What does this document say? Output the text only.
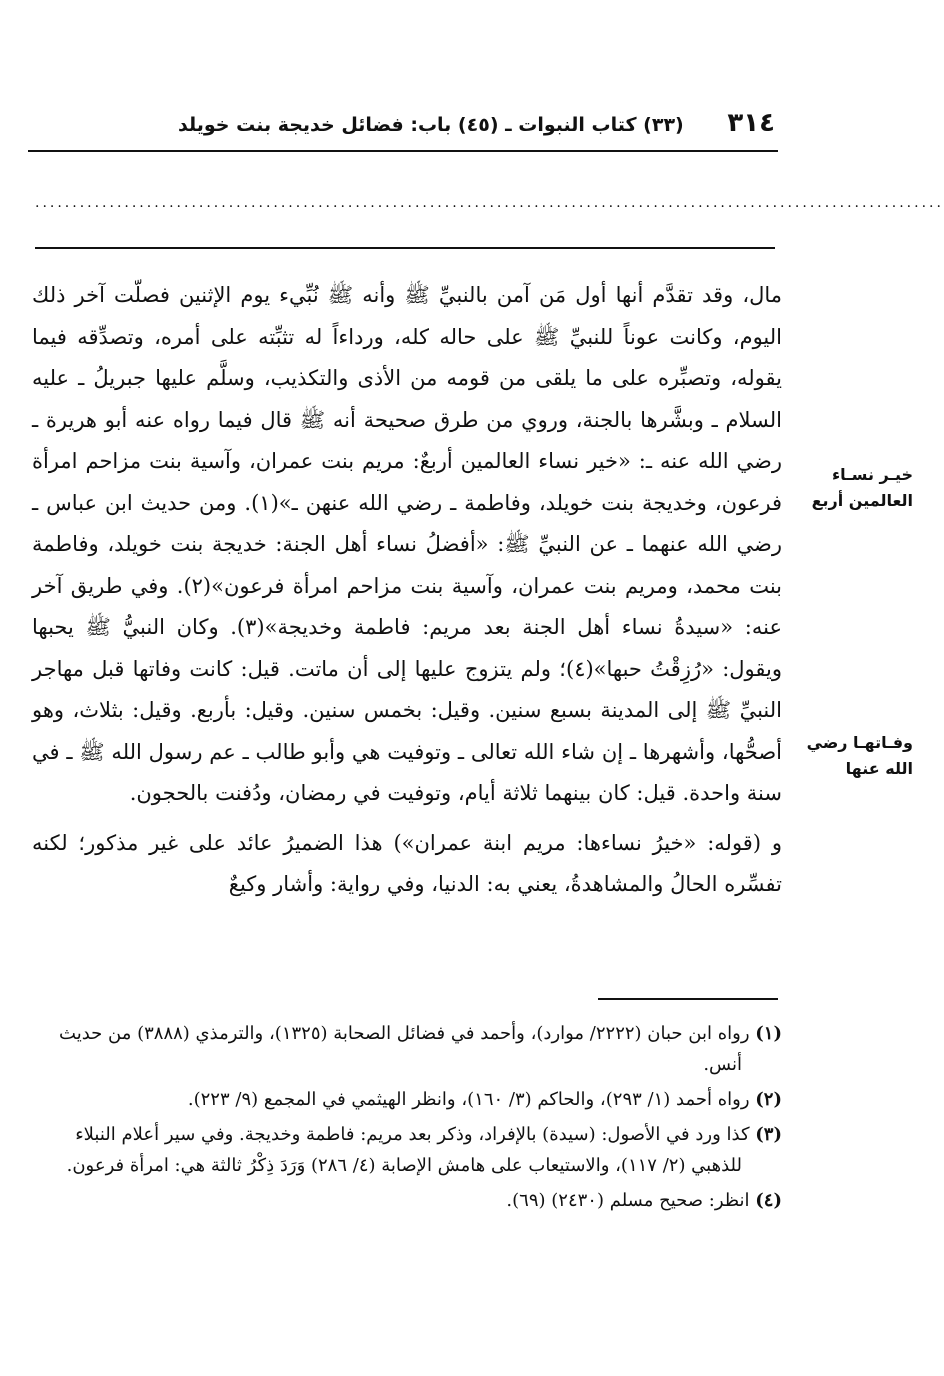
٣١٤
(٣٣) كتاب النبوات ـ (٤٥) باب: فضائل خديجة بنت خويلد
..........................................................................................................................
خيـر نسـاء العالمين أربع
وفـاتهـا رضي الله عنها

مال، وقد تقدَّم أنها أول مَن آمن بالنبيِّ ﷺ وأنه ﷺ نُبِّيء يوم الإثنين فصلّت آخر ذلك اليوم، وكانت عوناً للنبيِّ ﷺ على حاله كله، ورداءاً له تثبِّته على أمره، وتصدِّقه فيما يقوله، وتصبِّره على ما يلقى من قومه من الأذى والتكذيب، وسلَّم عليها جبريلُ ـ عليه السلام ـ وبشَّرها بالجنة، وروي من طرق صحيحة أنه ﷺ قال فيما رواه عنه أبو هريرة ـ رضي الله عنه ـ: «خير نساء العالمين أربعٌ: مريم بنت عمران، وآسية بنت مزاحم امرأة فرعون، وخديجة بنت خويلد، وفاطمة ـ رضي الله عنهن ـ»(١). ومن حديث ابن عباس ـ رضي الله عنهما ـ عن النبيِّ ﷺ: «أفضلُ نساء أهل الجنة: خديجة بنت خويلد، وفاطمة بنت محمد، ومريم بنت عمران، وآسية بنت مزاحم امرأة فرعون»(٢). وفي طريق آخر عنه: «سيدةُ نساء أهل الجنة بعد مريم: فاطمة وخديجة»(٣). وكان النبيُّ ﷺ يحبها ويقول: «رُزِقْتُ حبها»(٤)؛ ولم يتزوج عليها إلى أن ماتت. قيل: كانت وفاتها قبل مهاجر النبيِّ ﷺ إلى المدينة بسبع سنين. وقيل: بخمس سنين. وقيل: بأربع. وقيل: بثلاث، وهو أصحُّها، وأشهرها ـ إن شاء الله تعالى ـ وتوفيت هي وأبو طالب ـ عم رسول الله ﷺ ـ في سنة واحدة. قيل: كان بينهما ثلاثة أيام، وتوفيت في رمضان، ودُفنت بالحجون.

و (قوله: «خيرُ نساءها: مريم ابنة عمران») هذا الضميرُ عائد على غير مذكور؛ لكنه تفسِّره الحالُ والمشاهدةُ، يعني به: الدنيا، وفي رواية: وأشار وكيعٌ

(١) رواه ابن حبان (٢٢٢٢/ موارد)، وأحمد في فضائل الصحابة (١٣٢٥)، والترمذي (٣٨٨٨) من حديث أنس.

(٢) رواه أحمد (١/ ٢٩٣)، والحاكم (٣/ ١٦٠)، وانظر الهيثمي في المجمع (٩/ ٢٢٣).

(٣) كذا ورد في الأصول: (سيدة) بالإفراد، وذكر بعد مريم: فاطمة وخديجة. وفي سير أعلام النبلاء للذهبي (٢/ ١١٧)، والاستيعاب على هامش الإصابة (٤/ ٢٨٦) وَرَدَ ذِكْرُ ثالثة هي: امرأة فرعون.

(٤) انظر: صحيح مسلم (٢٤٣٠) (٦٩).
